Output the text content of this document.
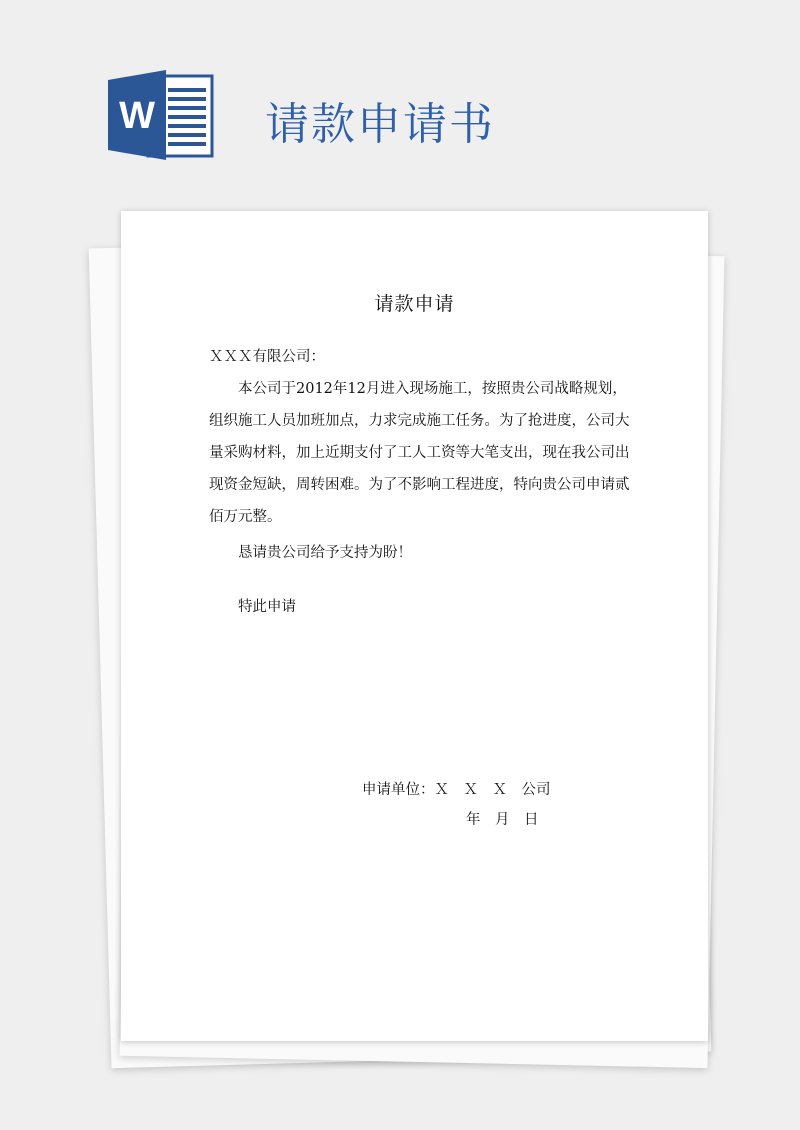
W	请款申请书
请款申请

ＸＸＸ有限公司：

本公司于2012年12月进入现场施工，按照贵公司战略规划，组织施工人员加班加点，力求完成施工任务。为了抢进度，公司大量采购材料，加上近期支付了工人工资等大笔支出，现在我公司出现资金短缺，周转困难。为了不影响工程进度，特向贵公司申请贰佰万元整。

恳请贵公司给予支持为盼！

特此申请

申请单位：Ｘ　Ｘ　Ｘ　公司
年　月　日
